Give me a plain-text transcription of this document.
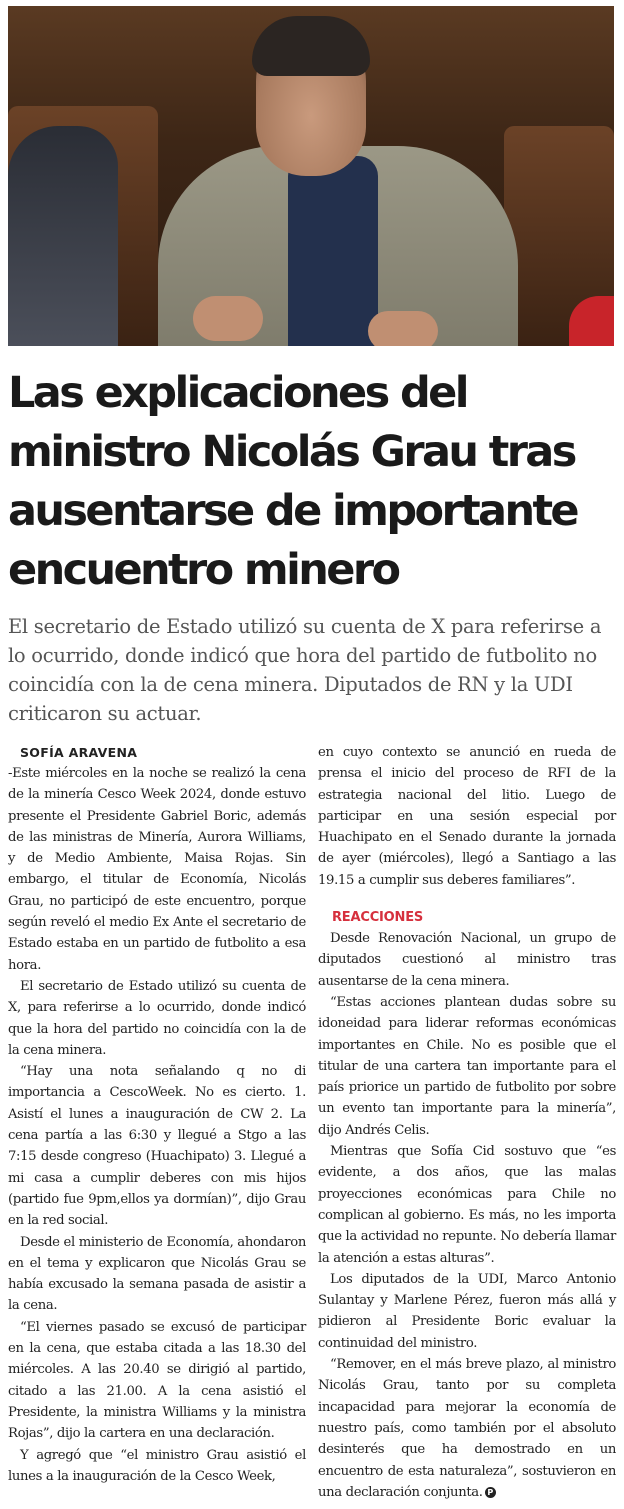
Las explicaciones del ministro Nicolás Grau tras ausentarse de importante encuentro minero

El secretario de Estado utilizó su cuenta de X para referirse a lo ocurrido, donde indicó que hora del partido de futbolito no coincidía con la de cena minera. Diputados de RN y la UDI criticaron su actuar.

SOFÍA ARAVENA

-Este miércoles en la noche se realizó la cena de la minería Cesco Week 2024, donde estuvo presente el Presidente Gabriel Boric, además de las ministras de Minería, Aurora Williams, y de Medio Ambiente, Maisa Rojas. Sin embargo, el titular de Economía, Nicolás Grau, no participó de este encuentro, porque según reveló el medio Ex Ante el secretario de Estado estaba en un partido de futbolito a esa hora.

El secretario de Estado utilizó su cuenta de X, para referirse a lo ocurrido, donde indicó que la hora del partido no coincidía con la de la cena minera.

“Hay una nota señalando q no di importancia a CescoWeek. No es cierto. 1. Asistí el lunes a inauguración de CW 2. La cena partía a las 6:30 y llegué a Stgo a las 7:15 desde congreso (Huachipato) 3. Llegué a mi casa a cumplir deberes con mis hijos (partido fue 9pm,ellos ya dormían)”, dijo Grau en la red social.

Desde el ministerio de Economía, ahondaron en el tema y explicaron que Nicolás Grau se había excusado la semana pasada de asistir a la cena.

“El viernes pasado se excusó de participar en la cena, que estaba citada a las 18.30 del miércoles. A las 20.40 se dirigió al partido, citado a las 21.00. A la cena asistió el Presidente, la ministra Williams y la ministra Rojas”, dijo la cartera en una declaración.

Y agregó que “el ministro Grau asistió el lunes a la inauguración de la Cesco Week,

en cuyo contexto se anunció en rueda de prensa el inicio del proceso de RFI de la estrategia nacional del litio. Luego de participar en una sesión especial por Huachipato en el Senado durante la jornada de ayer (miércoles), llegó a Santiago a las 19.15 a cumplir sus deberes familiares”.

REACCIONES

Desde Renovación Nacional, un grupo de diputados cuestionó al ministro tras ausentarse de la cena minera.

“Estas acciones plantean dudas sobre su idoneidad para liderar reformas económicas importantes en Chile. No es posible que el titular de una cartera tan importante para el país priorice un partido de futbolito por sobre un evento tan importante para la minería”, dijo Andrés Celis.

Mientras que Sofía Cid sostuvo que “es evidente, a dos años, que las malas proyecciones económicas para Chile no complican al gobierno. Es más, no les importa que la actividad no repunte. No debería llamar la atención a estas alturas”.

Los diputados de la UDI, Marco Antonio Sulantay y Marlene Pérez, fueron más allá y pidieron al Presidente Boric evaluar la continuidad del ministro.

“Remover, en el más breve plazo, al ministro Nicolás Grau, tanto por su completa incapacidad para mejorar la economía de nuestro país, como también por el absoluto desinterés que ha demostrado en un encuentro de esta naturaleza”, sostuvieron en una declaración conjunta. P
